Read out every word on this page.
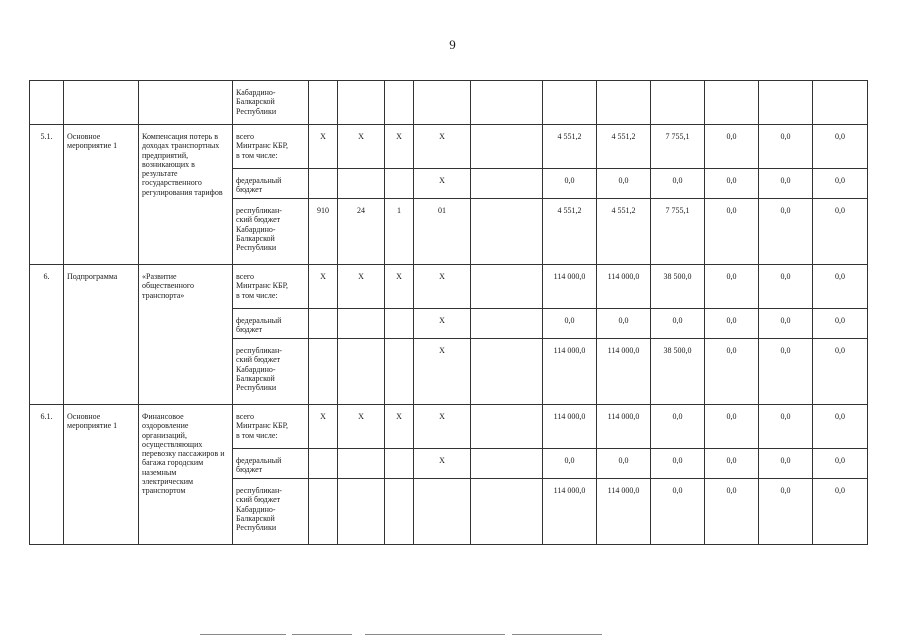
9
			Кабардино-
Балкарской
Республики											
5.1.	Основное мероприятие 1	Компенсация потерь в доходах транспортных предприятий, возникающих в результате государственного регулирования тарифов	всего
Минтранс КБР,
в том числе:	X	X	X	X		4 551,2	4 551,2	7 755,1	0,0	0,0	0,0
			федеральный
бюджет				X		0,0	0,0	0,0	0,0	0,0	0,0
			республикан-
ский бюджет
Кабардино-
Балкарской
Республики	910	24	1	01		4 551,2	4 551,2	7 755,1	0,0	0,0	0,0
6.	Подпрограмма	«Развитие общественного транспорта»	всего
Минтранс КБР,
в том числе:	X	X	X	X		114 000,0	114 000,0	38 500,0	0,0	0,0	0,0
			федеральный
бюджет				X		0,0	0,0	0,0	0,0	0,0	0,0
			республикан-
ский бюджет
Кабардино-
Балкарской
Республики				X		114 000,0	114 000,0	38 500,0	0,0	0,0	0,0
6.1.	Основное мероприятие 1	Финансовое оздоровление организаций, осуществляющих перевозку пассажиров и багажа городским наземным электрическим транспортом	всего
Минтранс КБР,
в том числе:	X	X	X	X		114 000,0	114 000,0	0,0	0,0	0,0	0,0
			федеральный
бюджет				X		0,0	0,0	0,0	0,0	0,0	0,0
			республикан-
ский бюджет
Кабардино-
Балкарской
Республики						114 000,0	114 000,0	0,0	0,0	0,0	0,0
